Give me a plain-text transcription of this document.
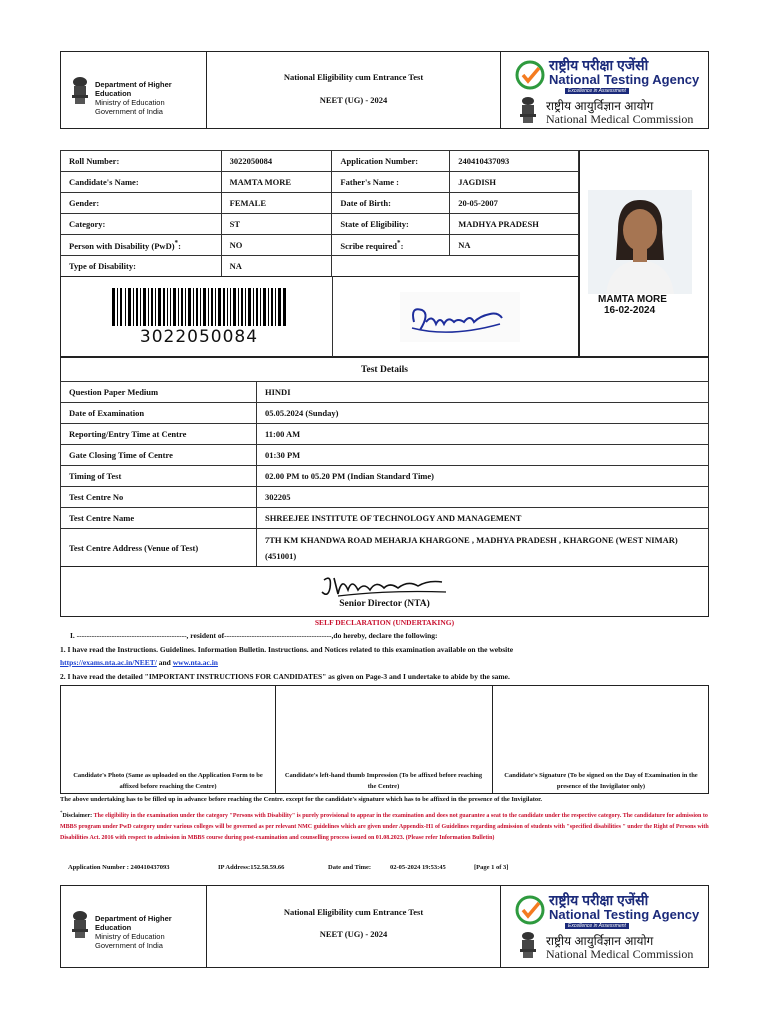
Department of Higher Education
Ministry of Education
Government of India
National Eligibility cum Entrance Test
NEET (UG) - 2024
राष्ट्रीय परीक्षा एजेंसी
National Testing Agency
Excellence in Assessment
राष्ट्रीय आयुर्विज्ञान आयोग
National Medical Commission
Roll Number:	3022050084	Application Number:	240410437093
Candidate's Name:	MAMTA MORE	Father's Name :	JAGDISH
Gender:	FEMALE	Date of Birth:	20-05-2007
Category:	ST	State of Eligibility:	MADHYA PRADESH
Person with Disability (PwD)*:	NO	Scribe required*:	NA
Type of Disability:	NA		
MAMTA MORE
16-02-2024
3022050084
Test Details
Question Paper Medium	HINDI
Date of Examination	05.05.2024 (Sunday)
Reporting/Entry Time at Centre	11:00 AM
Gate Closing Time of Centre	01:30 PM
Timing of Test	02.00 PM to 05.20 PM (Indian Standard Time)
Test Centre No	302205
Test Centre Name	SHREEJEE INSTITUTE OF TECHNOLOGY AND MANAGEMENT
Test Centre Address (Venue of Test)	7TH KM KHANDWA ROAD MEHARJA KHARGONE , MADHYA PRADESH , KHARGONE (WEST NIMAR) (451001)
Senior Director (NTA)
SELF DECLARATION (UNDERTAKING)
I. --------------------------------------------, resident of-------------------------------------------,do hereby, declare the following:
1. I have read the Instructions. Guidelines. Information Bulletin. Instructions. and Notices related to this examination available on the website
https://exams.nta.ac.in/NEET/ and www.nta.ac.in
2. I have read the detailed "IMPORTANT INSTRUCTIONS FOR CANDIDATES" as given on Page-3 and I undertake to abide by the same.
Candidate's Photo (Same as uploaded on the Application Form to be affixed before reaching the Centre)
Candidate's left-hand thumb Impression (To be affixed before reaching the Centre)
Candidate's Signature (To be signed on the Day of Examination in the presence of the Invigilator only)
The above undertaking has to be filled up in advance before reaching the Centre. except for the candidate's signature which has to be affixed in the presence of the Invigilator.
*Disclaimer: The eligibility in the examination under the category "Persons with Disability" is purely provisional to appear in the examination and does not guarantee a seat to the candidate under the respective category. The candidature for admission to MBBS program under PwD category under various colleges will be governed as per relevant NMC guidelines which are given under Appendix-H1 of Guidelines regarding admission of students with "specified disabilities " under the Right of Persons with Disabilities Act. 2016 with respect to admission in MBBS course during post-examination and counselling process issued on 01.08.2023. (Please refer Information Bulletin)
Application Number : 240410437093	IP Address:152.58.59.66	Date and Time:	02-05-2024 19:53:45	[Page 1 of 3]
Department of Higher Education
Ministry of Education
Government of India
National Eligibility cum Entrance Test
NEET (UG) - 2024
राष्ट्रीय परीक्षा एजेंसी
National Testing Agency
Excellence in Assessment
राष्ट्रीय आयुर्विज्ञान आयोग
National Medical Commission
